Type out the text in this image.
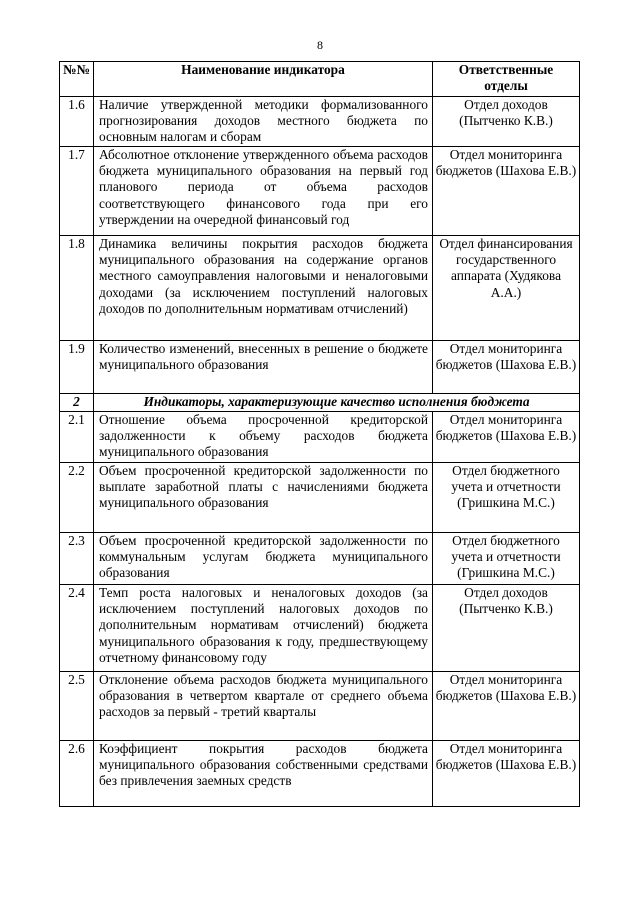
8
№№	Наименование индикатора	Ответственные
отделы

1.6	Наличие утвержденной методики формализованного прогнозирования доходов местного бюджета по основным налогам и сборам	Отдел доходов (Пытченко К.В.)
1.7	Абсолютное отклонение утвержденного объема расходов бюджета муниципального образования на первый год планового периода от объема расходов соответствующего финансового года при его утверждении на очередной финансовый год	Отдел мониторинга бюджетов (Шахова Е.В.)
1.8	Динамика величины покрытия расходов бюджета муниципального образования на содержание органов местного самоуправления налоговыми и неналоговыми доходами (за исключением поступлений налоговых доходов по дополнительным нормативам отчислений)	Отдел финансирования государственного аппарата (Худякова А.А.)
1.9	Количество изменений, внесенных в решение о бюджете муниципального образования	Отдел мониторинга бюджетов (Шахова Е.В.)
2	Индикаторы, характеризующие качество исполнения бюджета	
2.1	Отношение объема просроченной кредиторской задолженности к объему расходов бюджета муниципального образования	Отдел мониторинга бюджетов (Шахова Е.В.)
2.2	Объем просроченной кредиторской задолженности по выплате заработной платы с начислениями бюджета муниципального образования	Отдел бюджетного учета и отчетности (Гришкина М.С.)
2.3	Объем просроченной кредиторской задолженности по коммунальным услугам бюджета муниципального образования	Отдел бюджетного учета и отчетности (Гришкина М.С.)
2.4	Темп роста налоговых и неналоговых доходов (за исключением поступлений налоговых доходов по дополнительным нормативам отчислений) бюджета муниципального образования к году, предшествующему отчетному финансовому году	Отдел доходов (Пытченко К.В.)
2.5	Отклонение объема расходов бюджета муниципального образования в четвертом квартале от среднего объема расходов за первый - третий кварталы	Отдел мониторинга бюджетов (Шахова Е.В.)
2.6	Коэффициент покрытия расходов бюджета муниципального образования собственными средствами без привлечения заемных средств	Отдел мониторинга бюджетов (Шахова Е.В.)
